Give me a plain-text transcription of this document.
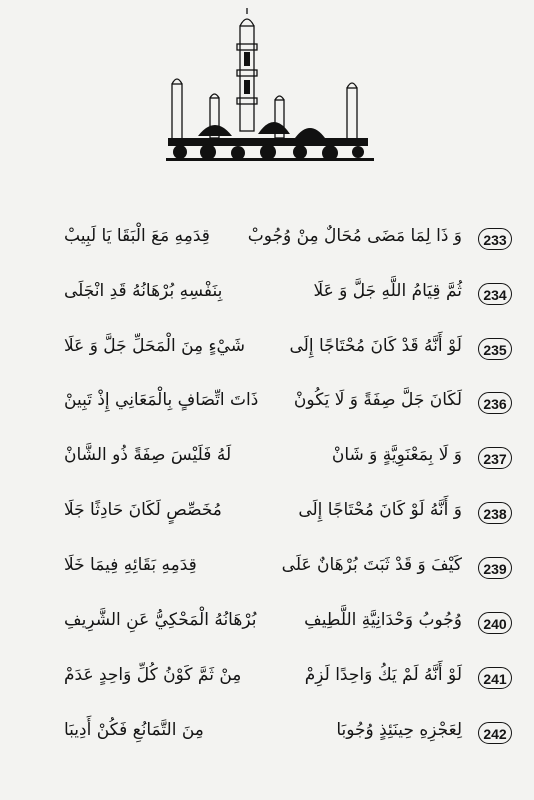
233
وَ ذَا لِمَا مَضَى مُحَالٌ مِنْ وُجُوبْ
قِدَمِهِ مَعَ الْبَقَا يَا لَبِيبْ
234
ثُمَّ قِيَامُ اللَّهِ جَلَّ وَ عَلَا
بِنَفْسِهِ بُرْهَانُهُ قَدِ انْجَلَى
235
لَوْ أَنَّهُ قَدْ كَانَ مُحْتَاجًا إِلَى
شَيْءٍ مِنَ الْمَحَلِّ جَلَّ وَ عَلَا
236
لَكَانَ جَلَّ صِفَةً وَ لَا يَكُونْ
ذَاتَ اتِّصَافٍ بِالْمَعَانِي إِذْ تَبِينْ
237
وَ لَا بِمَعْنَوِيَّةٍ وَ شَانْ
لَهُ فَلَيْسَ صِفَةً ذُو الشَّانْ
238
وَ أَنَّهُ لَوْ كَانَ مُحْتَاجًا إِلَى
مُخَصِّصٍ لَكَانَ حَادِثًا جَلَا
239
كَيْفَ وَ قَدْ ثَبَتَ بُرْهَانٌ عَلَى
قِدَمِهِ بَقَائِهِ فِيمَا خَلَا
240
وُجُوبُ وَحْدَانِيَّةِ اللَّطِيفِ
بُرْهَانُهُ الْمَحْكِيُّ عَنِ الشَّرِيفِ
241
لَوْ أَنَّهُ لَمْ يَكُ وَاحِدًا لَزِمْ
مِنْ ثَمَّ كَوْنُ كُلِّ وَاحِدٍ عَدَمْ
242
لِعَجْزِهِ حِينَئِذٍ وُجُوبَا
مِنَ التَّمَانُعِ فَكُنْ أَدِيبَا
